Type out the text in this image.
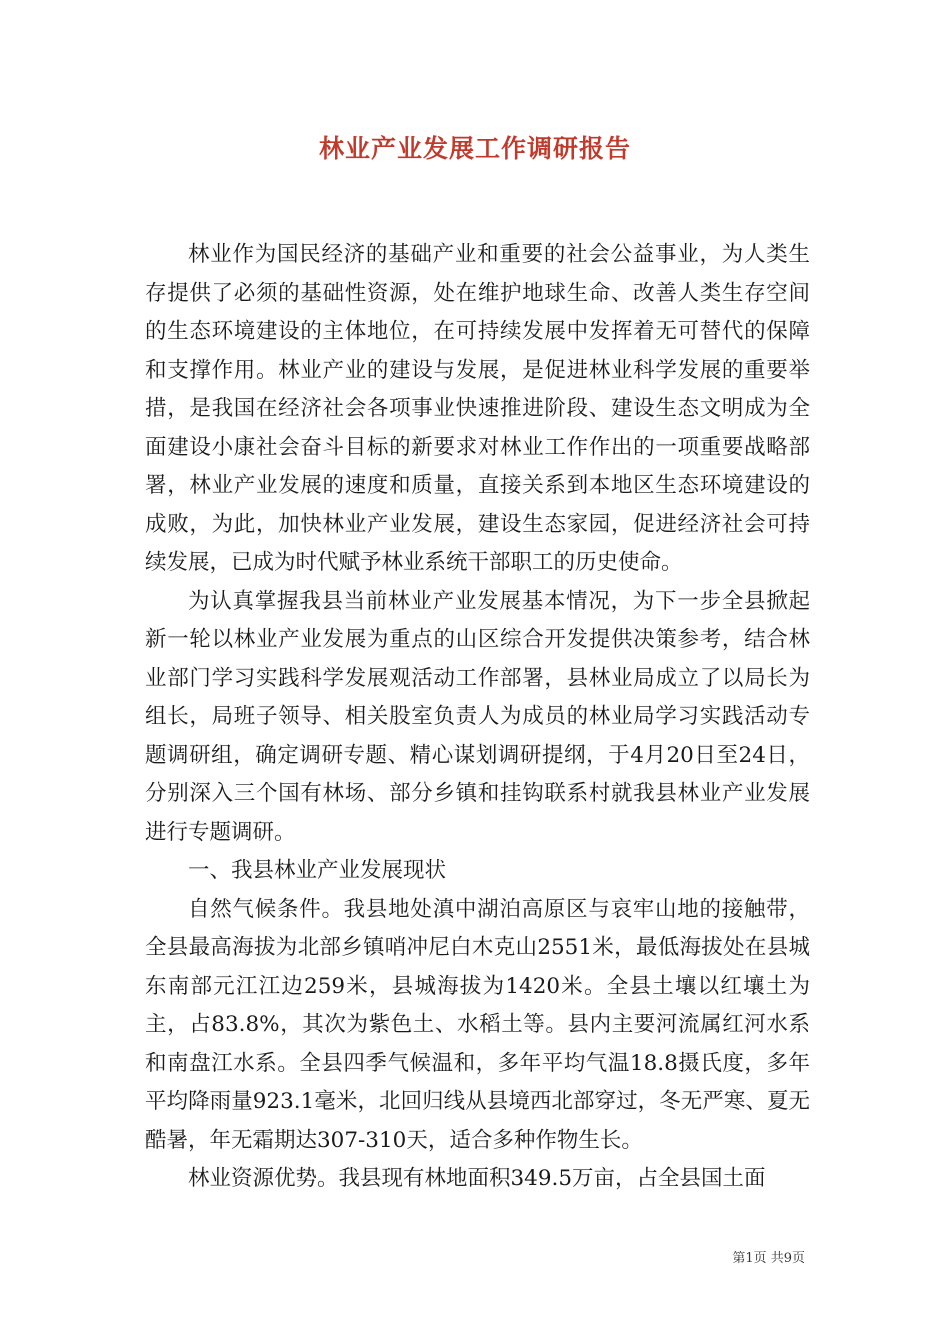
林业产业发展工作调研报告

林业作为国民经济的基础产业和重要的社会公益事业，为人类生存提供了必须的基础性资源，处在维护地球生命、改善人类生存空间的生态环境建设的主体地位，在可持续发展中发挥着无可替代的保障和支撑作用。林业产业的建设与发展，是促进林业科学发展的重要举措，是我国在经济社会各项事业快速推进阶段、建设生态文明成为全面建设小康社会奋斗目标的新要求对林业工作作出的一项重要战略部署，林业产业发展的速度和质量，直接关系到本地区生态环境建设的成败，为此，加快林业产业发展，建设生态家园，促进经济社会可持续发展，已成为时代赋予林业系统干部职工的历史使命。

为认真掌握我县当前林业产业发展基本情况，为下一步全县掀起新一轮以林业产业发展为重点的山区综合开发提供决策参考，结合林业部门学习实践科学发展观活动工作部署，县林业局成立了以局长为组长，局班子领导、相关股室负责人为成员的林业局学习实践活动专题调研组，确定调研专题、精心谋划调研提纲，于4月20日至24日，分别深入三个国有林场、部分乡镇和挂钩联系村就我县林业产业发展进行专题调研。

一、我县林业产业发展现状

自然气候条件。我县地处滇中湖泊高原区与哀牢山地的接触带，全县最高海拔为北部乡镇哨冲尼白木克山2551米，最低海拔处在县城东南部元江江边259米，县城海拔为1420米。全县土壤以红壤土为主，占83.8%，其次为紫色土、水稻土等。县内主要河流属红河水系和南盘江水系。全县四季气候温和，多年平均气温18.8摄氏度，多年平均降雨量923.1毫米，北回归线从县境西北部穿过，冬无严寒、夏无酷暑，年无霜期达307-310天，适合多种作物生长。

林业资源优势。我县现有林地面积349.5万亩，占全县国土面

第1页 共9页
